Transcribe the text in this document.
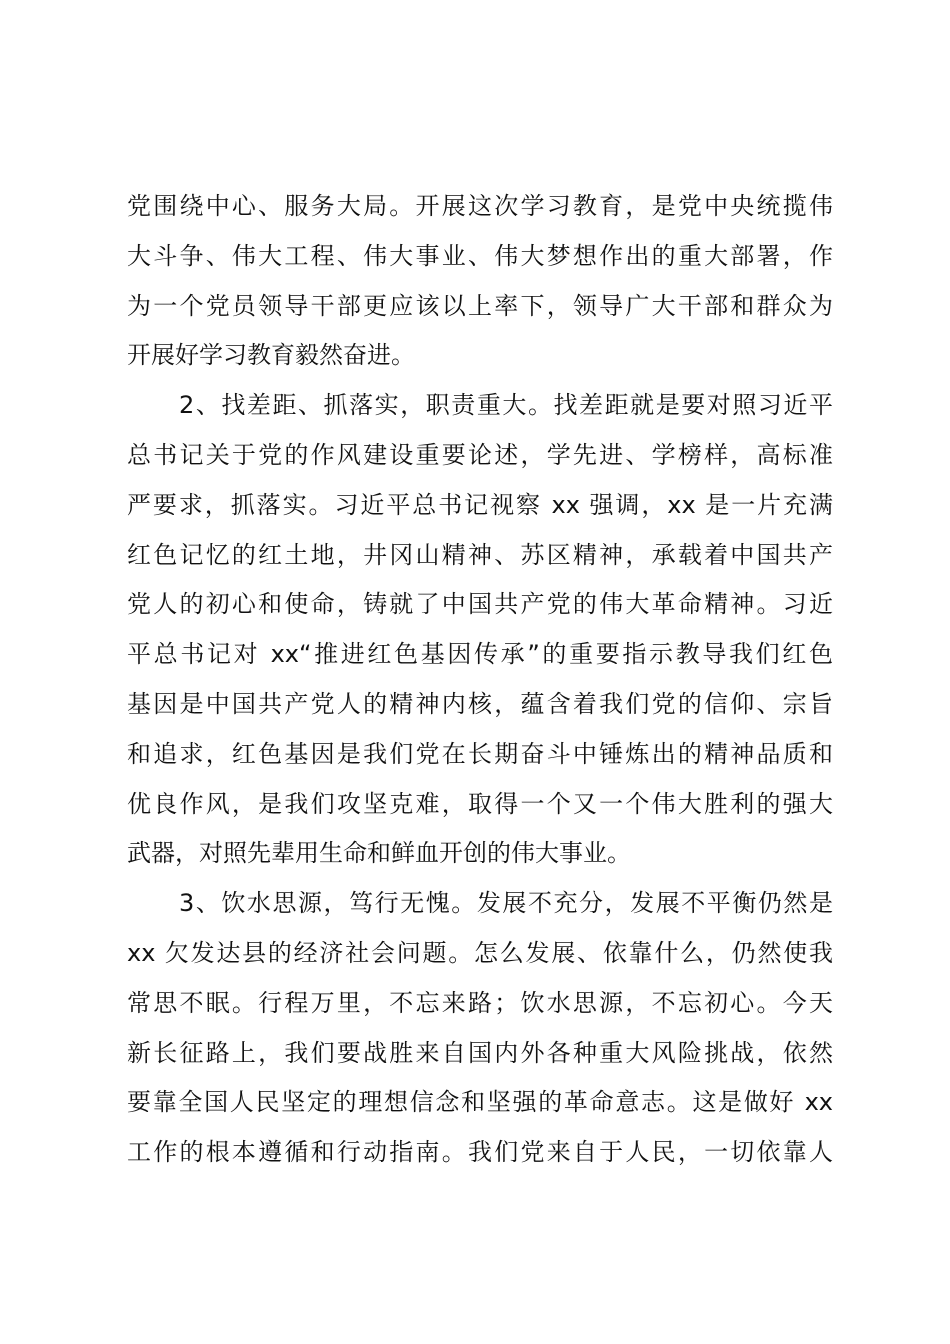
党围绕中心、服务大局。开展这次学习教育，是党中央统揽伟
大斗争、伟大工程、伟大事业、伟大梦想作出的重大部署，作
为一个党员领导干部更应该以上率下，领导广大干部和群众为
开展好学习教育毅然奋进。
2、找差距、抓落实，职责重大。找差距就是要对照习近平
总书记关于党的作风建设重要论述，学先进、学榜样，高标准
严要求，抓落实。习近平总书记视察 xx 强调，xx 是一片充满
红色记忆的红土地，井冈山精神、苏区精神，承载着中国共产
党人的初心和使命，铸就了中国共产党的伟大革命精神。习近
平总书记对 xx“推进红色基因传承”的重要指示教导我们红色
基因是中国共产党人的精神内核，蕴含着我们党的信仰、宗旨
和追求，红色基因是我们党在长期奋斗中锤炼出的精神品质和
优良作风，是我们攻坚克难，取得一个又一个伟大胜利的强大
武器，对照先辈用生命和鲜血开创的伟大事业。
3、饮水思源，笃行无愧。发展不充分，发展不平衡仍然是
xx 欠发达县的经济社会问题。怎么发展、依靠什么，仍然使我
常思不眠。行程万里，不忘来路；饮水思源，不忘初心。今天
新长征路上，我们要战胜来自国内外各种重大风险挑战，依然
要靠全国人民坚定的理想信念和坚强的革命意志。这是做好 xx
工作的根本遵循和行动指南。我们党来自于人民，一切依靠人
